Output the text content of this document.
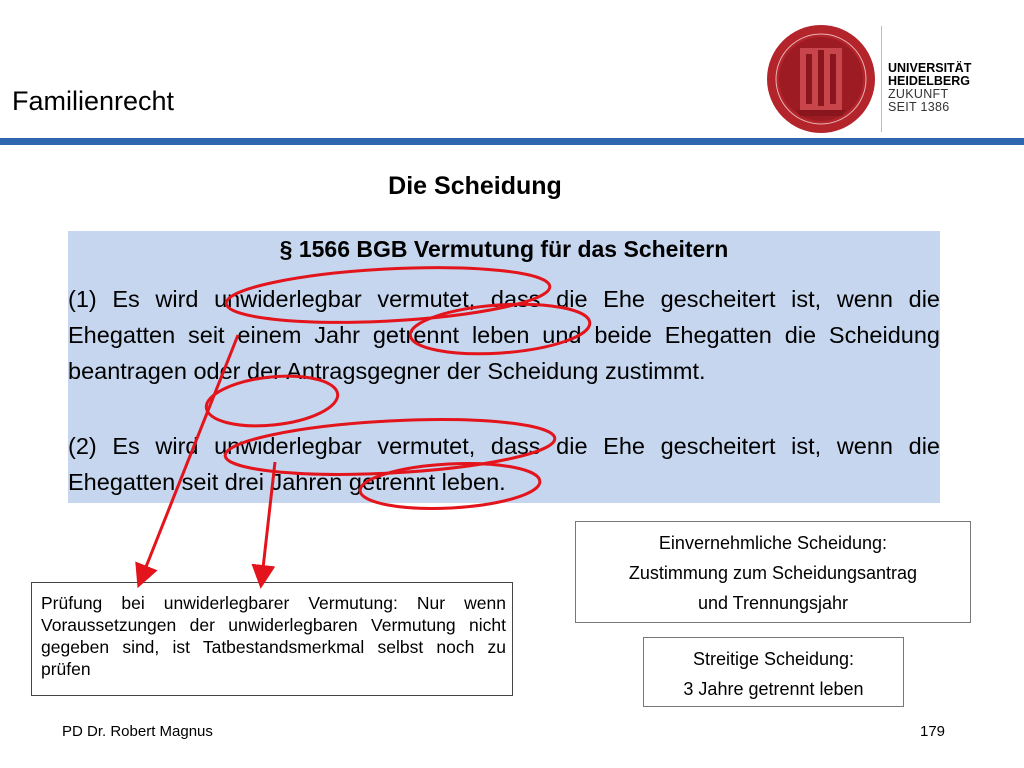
Familienrecht
UNIVERSITÄT
HEIDELBERG
ZUKUNFT
SEIT 1386
Die Scheidung
§ 1566 BGB Vermutung für das Scheitern
(1) Es wird unwiderlegbar vermutet, dass die Ehe gescheitert ist, wenn die Ehegatten seit einem Jahr getrennt leben und beide Ehegatten die Scheidung beantragen oder der Antragsgegner der Scheidung zustimmt.
(2) Es wird unwiderlegbar vermutet, dass die Ehe gescheitert ist, wenn die Ehegatten seit drei Jahren getrennt leben.
Prüfung bei unwiderlegbarer Vermutung: Nur wenn Voraussetzungen der unwiderlegbaren Vermutung nicht gegeben sind, ist Tatbestandsmerkmal selbst noch zu prüfen
Einvernehmliche Scheidung:
Zustimmung zum Scheidungsantrag
und Trennungsjahr
Streitige Scheidung:
3 Jahre getrennt leben
PD Dr. Robert Magnus	179
